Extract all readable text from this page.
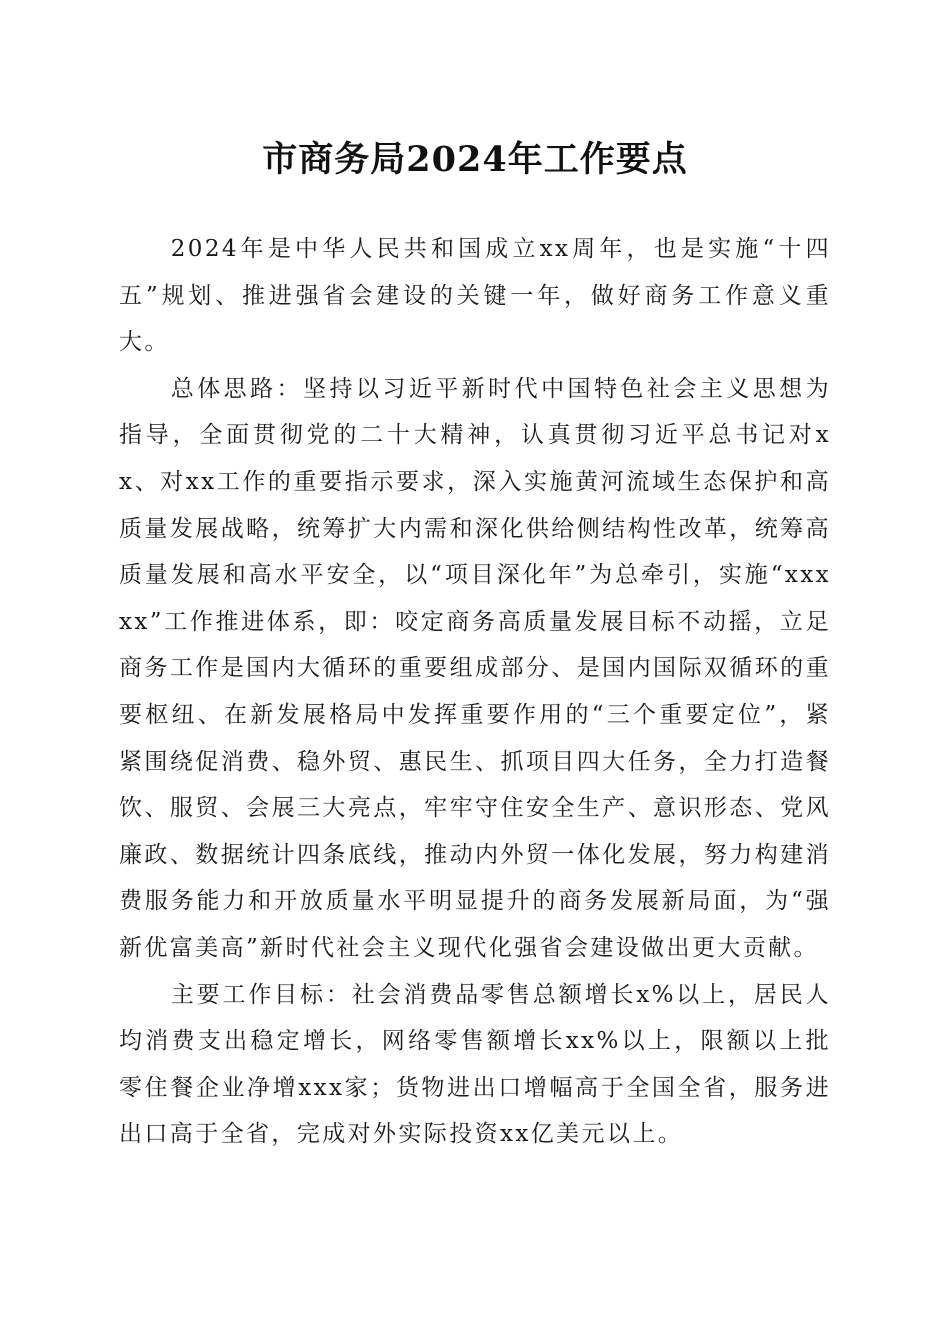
市商务局2024年工作要点

2024年是中华人民共和国成立xx周年，也是实施“十四五”规划、推进强省会建设的关键一年，做好商务工作意义重大。

总体思路：坚持以习近平新时代中国特色社会主义思想为指导，全面贯彻党的二十大精神，认真贯彻习近平总书记对xx、对xx工作的重要指示要求，深入实施黄河流域生态保护和高质量发展战略，统筹扩大内需和深化供给侧结构性改革，统筹高质量发展和高水平安全，以“项目深化年”为总牵引，实施“xxxxx”工作推进体系，即：咬定商务高质量发展目标不动摇，立足商务工作是国内大循环的重要组成部分、是国内国际双循环的重要枢纽、在新发展格局中发挥重要作用的“三个重要定位”，紧紧围绕促消费、稳外贸、惠民生、抓项目四大任务，全力打造餐饮、服贸、会展三大亮点，牢牢守住安全生产、意识形态、党风廉政、数据统计四条底线，推动内外贸一体化发展，努力构建消费服务能力和开放质量水平明显提升的商务发展新局面，为“强新优富美高”新时代社会主义现代化强省会建设做出更大贡献。

主要工作目标：社会消费品零售总额增长x%以上，居民人均消费支出稳定增长，网络零售额增长xx%以上，限额以上批零住餐企业净增xxx家；货物进出口增幅高于全国全省，服务进出口高于全省，完成对外实际投资xx亿美元以上。
